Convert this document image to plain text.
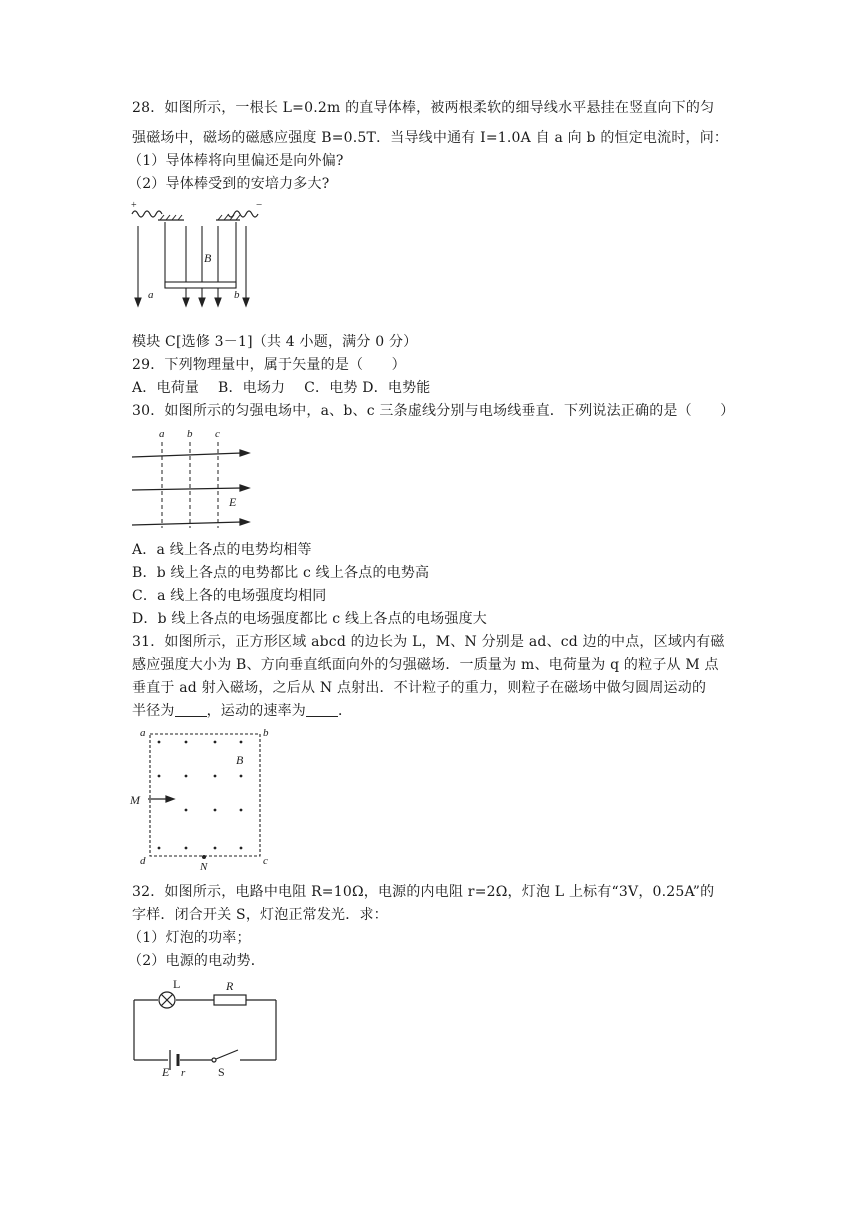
28．如图所示，一根长 L=0.2m 的直导体棒，被两根柔软的细导线水平悬挂在竖直向下的匀
强磁场中，磁场的磁感应强度 B=0.5T．当导线中通有 I=1.0A 自 a 向 b 的恒定电流时，问：
（1）导体棒将向里偏还是向外偏?
（2）导体棒受到的安培力多大?
+	−
B
a	b
模块 C[选修 3－1]（共 4 小题，满分 0 分）
29．下列物理量中，属于矢量的是（　　）
A．电荷量　 B．电场力　 C．电势 D．电势能
30．如图所示的匀强电场中，a、b、c 三条虚线分别与电场线垂直．下列说法正确的是（　　）
a b c
E
A．a 线上各点的电势均相等
B．b 线上各点的电势都比 c 线上各点的电势高
C．a 线上各的电场强度均相同
D．b 线上各点的电场强度都比 c 线上各点的电场强度大
31．如图所示，正方形区域 abcd 的边长为 L，M、N 分别是 ad、cd 边的中点，区域内有磁
感应强度大小为 B、方向垂直纸面向外的匀强磁场．一质量为 m、电荷量为 q 的粒子从 M 点
垂直于 ad 射入磁场，之后从 N 点射出．不计粒子的重力，则粒子在磁场中做匀圆周运动的
半径为 ，运动的速率为 ．
a	b
c
d
B
M
N
32．如图所示，电路中电阻 R=10Ω，电源的内电阻 r=2Ω，灯泡 L 上标有“3V，0.25A”的
字样．闭合开关 S，灯泡正常发光．求：
（1）灯泡的功率；
（2）电源的电动势．
L	R
E r	S
